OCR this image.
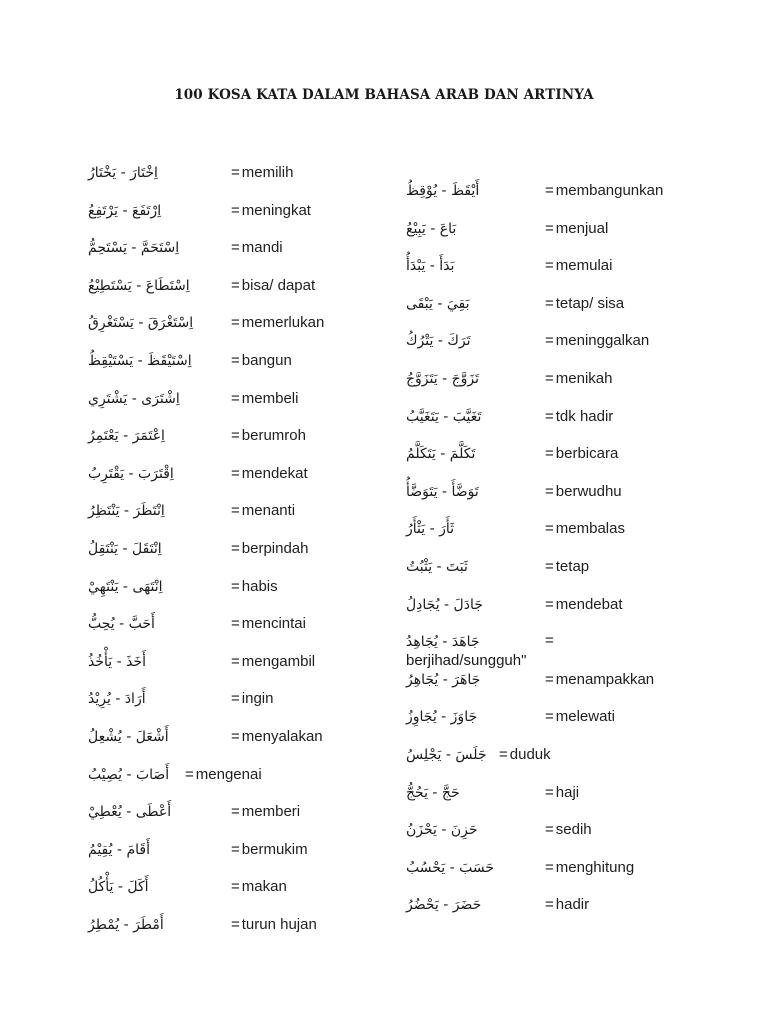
100 KOSA KATA DALAM BAHASA ARAB DAN ARTINYA
اِخْتَارَ - يَخْتَارُ	= memilih
اِرْتَفَعَ - يَرْتَفِعُ	= meningkat
اِسْتَحَمَّ - يَسْتَحِمُّ	= mandi
اِسْتَطَاعَ - يَسْتَطِيْعُ	= bisa/ dapat
اِسْتَغْرَقَ - يَسْتَغْرِقُ	= memerlukan
اِسْتَيْقَظَ - يَسْتَيْقِظُ	= bangun
اِشْتَرَى - يَشْتَرِي	= membeli
اِعْتَمَرَ - يَعْتَمِرُ	= berumroh
اِقْتَرَبَ - يَقْتَرِبُ	= mendekat
اِنْتَظَرَ - يَنْتَظِرُ	= menanti
اِنْتَقَلَ - يَنْتَقِلُ	= berpindah
اِنْتَهَى - يَنْتَهِيْ	= habis
أَحَبَّ - يُحِبُّ	= mencintai
أَخَذَ - يَأْخُذُ	= mengambil
أَرَادَ - يُرِيْدُ	= ingin
أَشْعَلَ - يُشْعِلُ	= menyalakan
أَصَابَ - يُصِيْبُ = mengenai
أَعْطَى - يُعْطِيْ	= memberi
أَقَامَ - يُقِيْمُ	= bermukim
أَكَلَ - يَأْكُلُ	= makan
أَمْطَرَ - يُمْطِرُ	= turun hujan
أَيْقَظَ - يُوْقِظُ	= membangunkan
بَاعَ - يَبِيْعُ	= menjual
بَدَأَ - يَبْدَأُ	= memulai
بَقِيَ - يَبْقَى	= tetap/ sisa
تَرَكَ - يَتْرُكُ	= meninggalkan
تَزَوَّجَ - يَتَزَوَّجُ	= menikah
تَغَيَّبَ - يَتَغَيَّبُ	= tdk hadir
تَكَلَّمَ - يَتَكَلَّمُ	= berbicara
تَوَضَّأَ - يَتَوَضَّأُ	= berwudhu
ثَأَرَ - يَثْأَرُ	= membalas
ثَبَتَ - يَثْبُتُ	= tetap
جَادَلَ - يُجَادِلُ	= mendebat
جَاهَدَ - يُجَاهِدُ	=
berjihad/sungguh"
جَاهَرَ - يُجَاهِرُ	= menampakkan
جَاوَزَ - يُجَاوِزُ	= melewati
جَلَسَ - يَجْلِسُ = duduk
حَجَّ - يَحُجُّ	= haji
حَزِنَ - يَحْزَنُ	= sedih
حَسَبَ - يَحْسُبُ	= menghitung
حَضَرَ - يَحْضُرُ	= hadir
